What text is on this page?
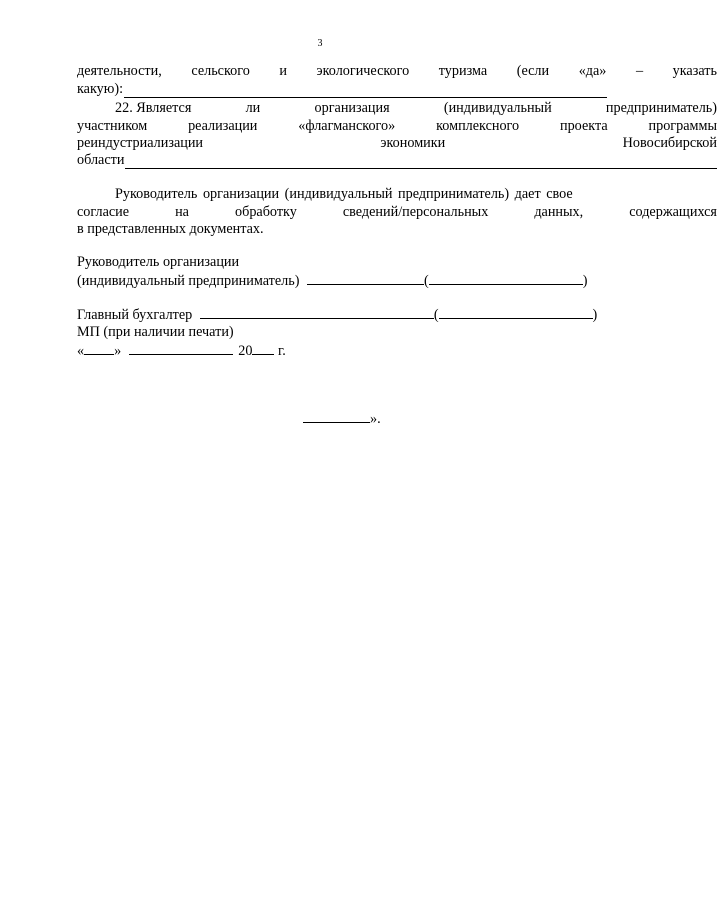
3
деятельности, сельского и экологического туризма (если «да» – указать
какую):
22. Является	ли	организация	(индивидуальный	предприниматель)
участником	реализации	«флагманского»	комплексного	проекта	программы
реиндустриализации	экономики	Новосибирской
области
Руководитель организации (индивидуальный предприниматель) дает свое
согласие	на	обработку	сведений/персональных	данных,	содержащихся
в представленных документах.
Руководитель организации
(индивидуальный предприниматель)	(	)
Главный бухгалтер	(	)
МП (при наличии печати)
« »	20 г.
».
